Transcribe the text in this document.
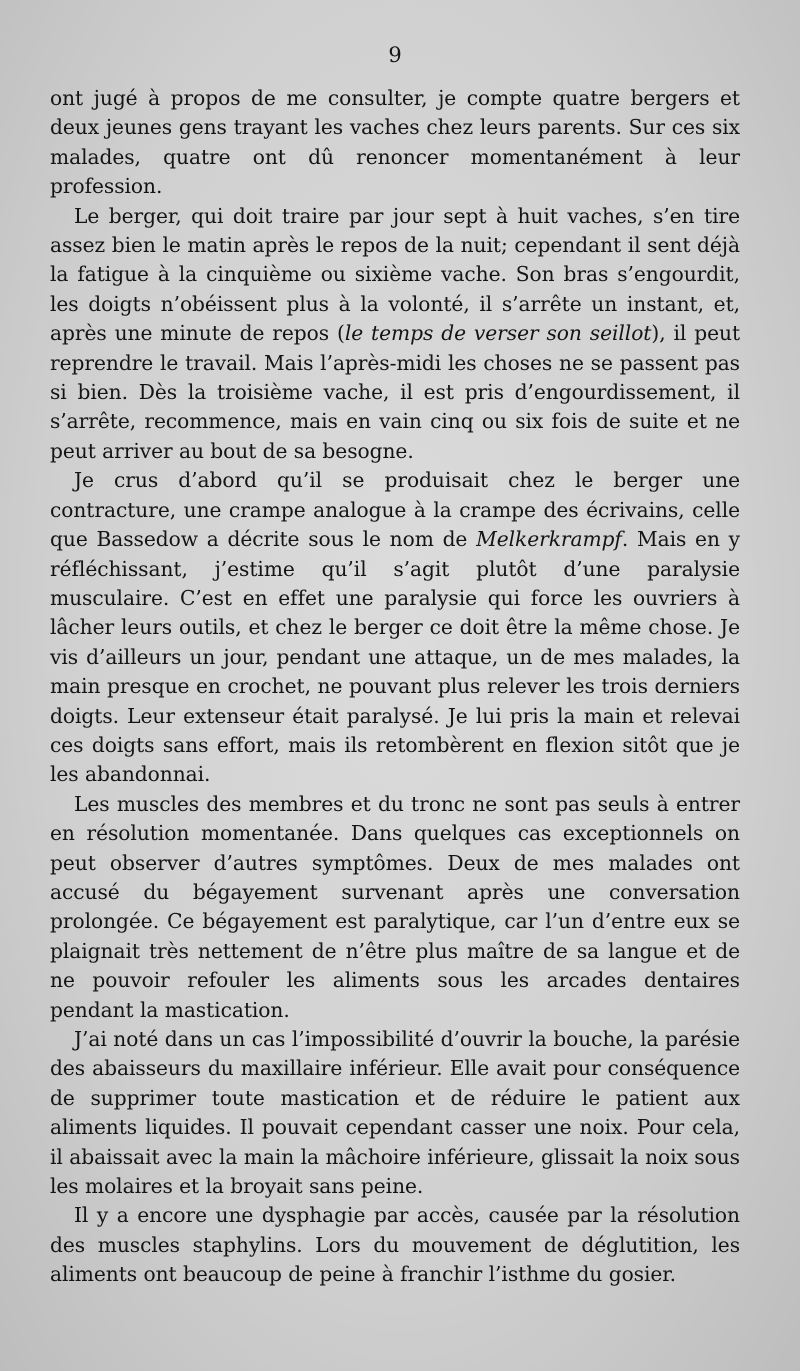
9

ont jugé à propos de me consulter, je compte quatre bergers et deux jeunes gens trayant les vaches chez leurs parents. Sur ces six malades, quatre ont dû renoncer momentanément à leur profession.

Le berger, qui doit traire par jour sept à huit vaches, s’en tire assez bien le matin après le repos de la nuit; cependant il sent déjà la fatigue à la cinquième ou sixième vache. Son bras s’engourdit, les doigts n’obéissent plus à la volonté, il s’arrête un instant, et, après une minute de repos (le temps de verser son seillot), il peut reprendre le travail. Mais l’après-midi les choses ne se passent pas si bien. Dès la troisième vache, il est pris d’engourdissement, il s’arrête, recommence, mais en vain cinq ou six fois de suite et ne peut arriver au bout de sa besogne.

Je crus d’abord qu’il se produisait chez le berger une contracture, une crampe analogue à la crampe des écrivains, celle que Bassedow a décrite sous le nom de Melkerkrampf. Mais en y réfléchissant, j’estime qu’il s’agit plutôt d’une paralysie musculaire. C’est en effet une paralysie qui force les ouvriers à lâcher leurs outils, et chez le berger ce doit être la même chose. Je vis d’ailleurs un jour, pendant une attaque, un de mes malades, la main presque en crochet, ne pouvant plus relever les trois derniers doigts. Leur extenseur était paralysé. Je lui pris la main et relevai ces doigts sans effort, mais ils retombèrent en flexion sitôt que je les abandonnai.

Les muscles des membres et du tronc ne sont pas seuls à entrer en résolution momentanée. Dans quelques cas exceptionnels on peut observer d’autres symptômes. Deux de mes malades ont accusé du bégayement survenant après une conversation prolongée. Ce bégayement est paralytique, car l’un d’entre eux se plaignait très nettement de n’être plus maître de sa langue et de ne pouvoir refouler les aliments sous les arcades dentaires pendant la mastication.

J’ai noté dans un cas l’impossibilité d’ouvrir la bouche, la parésie des abaisseurs du maxillaire inférieur. Elle avait pour conséquence de supprimer toute mastication et de réduire le patient aux aliments liquides. Il pouvait cependant casser une noix. Pour cela, il abaissait avec la main la mâchoire inférieure, glissait la noix sous les molaires et la broyait sans peine.

Il y a encore une dysphagie par accès, causée par la résolution des muscles staphylins. Lors du mouvement de déglutition, les aliments ont beaucoup de peine à franchir l’isthme du gosier.
